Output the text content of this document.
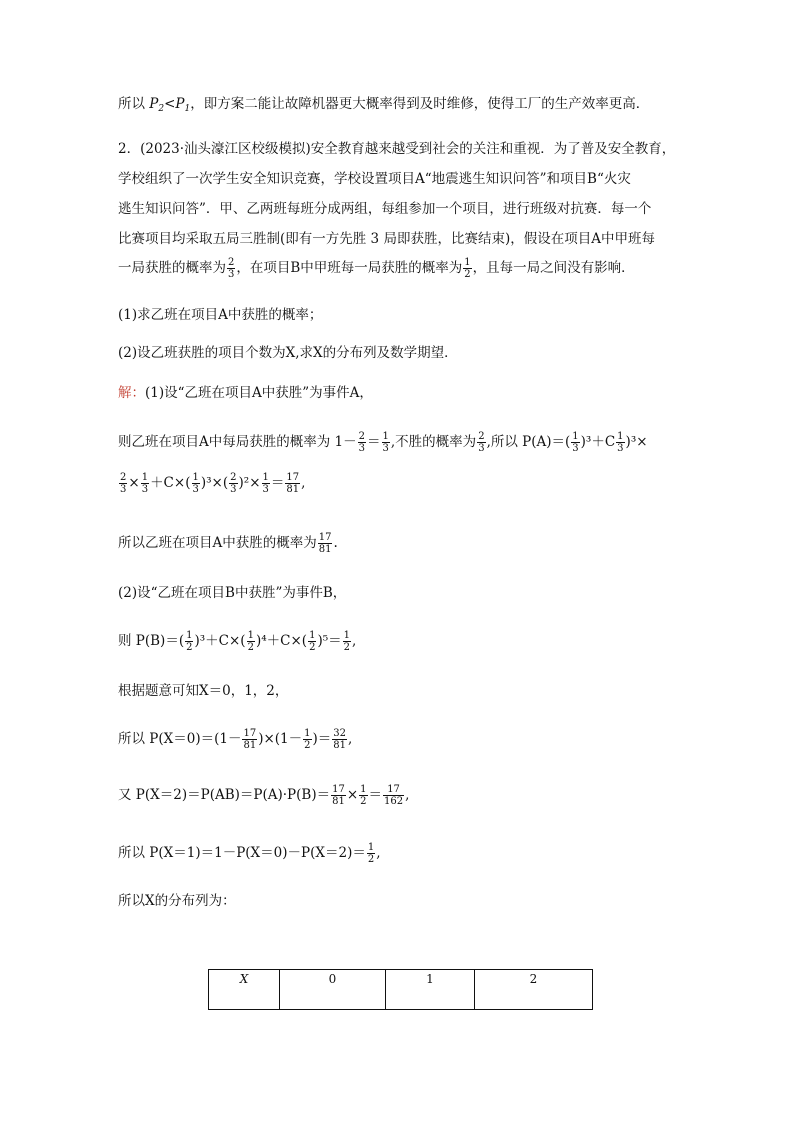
所以 $P_2<P_1$，即方案二能让故障机器更大概率得到及时维修，使得工厂的生产效率更高．
2．(2023·汕头濠江区校级模拟)安全教育越来越受到社会的关注和重视．为了普及安全教育，
学校组织了一次学生安全知识竞赛，学校设置项目A“地震逃生知识问答”和项目B“火灾
逃生知识问答”．甲、乙两班每班分成两组，每组参加一个项目，进行班级对抗赛．每一个
比赛项目均采取五局三胜制(即有一方先胜 3 局即获胜，比赛结束)，假设在项目A中甲班每
一局获胜的概率为 $\frac{2}{3}$ ，在项目B中甲班每一局获胜的概率为 $\frac{1}{2}$ ，且每一局之间没有影响．
(1)求乙班在项目A中获胜的概率；
(2)设乙班获胜的项目个数为X,求X的分布列及数学期望．
解：(1)设“乙班在项目A中获胜”为事件A，
则乙班在项目A中每局获胜的概率为 $1- \frac{2}{3} = \frac{1}{3}$ ,不胜的概率为 $\frac{2}{3}$ ,所以 $P(A)=( \frac{1}{3} )^3+C \frac{1}{3} )^3\times$
$\frac{2}{3} \times \frac{1}{3} +C\times( \frac{1}{3} )^3\times( \frac{2}{3} )^2\times \frac{1}{3} = \frac{17}{81}$ ,
所以乙班在项目A中获胜的概率为 $\frac{17}{81}$ .
(2)设“乙班在项目B中获胜”为事件B，
则 $P(B)=( \frac{1}{2} )^3+C\times( \frac{1}{2} )^4+C\times( \frac{1}{2} )^5= \frac{1}{2}$ ,
根据题意可知X＝0，1，2，
所以 $P(X=0)=(1- \frac{17}{81} )\times(1- \frac{1}{2}$ )＝ $\frac{32}{81}$ ,
又 $P(X=2)=P(AB)=P(A)\cdot P(B)= \frac{17}{81} \times \frac{1}{2} = \frac{17}{162}$ ,
所以 $P(X=1)=1-P(X=0)-P(X=2)= \frac{1}{2}$ ,
所以X的分布列为：
X	0	1	2
